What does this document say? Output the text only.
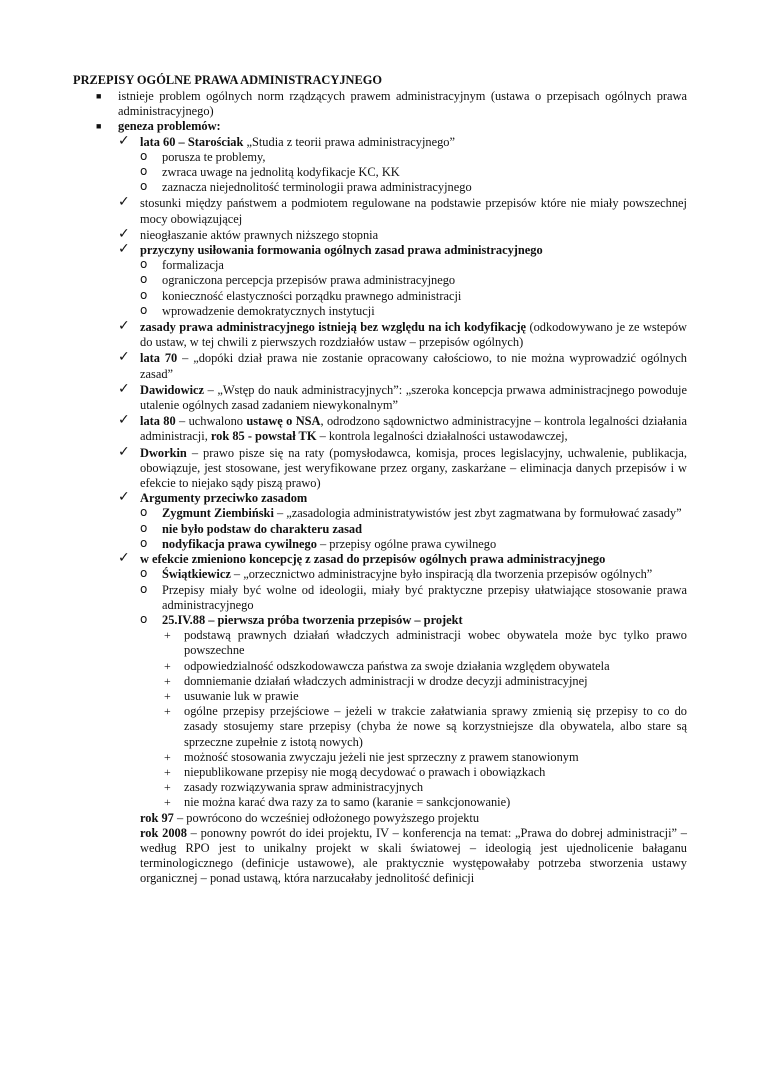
PRZEPISY OGÓLNE PRAWA ADMINISTRACYJNEGO
■ istnieje problem ogólnych norm rządzących prawem administracyjnym (ustawa o przepisach ogólnych prawa administracyjnego)
■ geneza problemów:
✓ lata 60 – Starościak „Studia z teorii prawa administracyjnego”
o porusza te problemy,
o zwraca uwage na jednolitą kodyfikacje KC, KK
o zaznacza niejednolitość terminologii prawa administracyjnego
✓ stosunki między państwem a podmiotem regulowane na podstawie przepisów które nie miały powszechnej mocy obowiązującej
✓ nieogłaszanie aktów prawnych niższego stopnia
✓ przyczyny usiłowania formowania ogólnych zasad prawa administracyjnego
o formalizacja
o ograniczona percepcja przepisów prawa administracyjnego
o konieczność elastyczności porządku prawnego administracji
o wprowadzenie demokratycznych instytucji
✓ zasady prawa administracyjnego istnieją bez względu na ich kodyfikację (odkodowywano je ze wstepów do ustaw, w tej chwili z pierwszych rozdziałów ustaw – przepisów ogólnych)
✓ lata 70 – „dopóki dział prawa nie zostanie opracowany całościowo, to nie można wyprowadzić ogólnych zasad”
✓ Dawidowicz – „Wstęp do nauk administracyjnych”: „szeroka koncepcja prwawa administracjnego powoduje utalenie ogólnych zasad zadaniem niewykonalnym”
✓ lata 80 – uchwalono ustawę o NSA, odrodzono sądownictwo administracyjne – kontrola legalności działania administracji, rok 85 - powstał TK – kontrola legalności działalności ustawodawczej,
✓ Dworkin – prawo pisze się na raty (pomysłodawca, komisja, proces legislacyjny, uchwalenie, publikacja, obowiązuje, jest stosowane, jest weryfikowane przez organy, zaskarżane – eliminacja danych przepisów i w efekcie to niejako sądy piszą prawo)
✓ Argumenty przeciwko zasadom
o Zygmunt Ziembiński – „zasadologia administratywistów jest zbyt zagmatwana by formułować zasady”
o nie było podstaw do charakteru zasad
o nodyfikacja prawa cywilnego – przepisy ogólne prawa cywilnego
✓ w efekcie zmieniono koncepcję z zasad do przepisów ogólnych prawa administracyjnego
o Świątkiewicz – „orzecznictwo administracyjne było inspiracją dla tworzenia przepisów ogólnych”
o Przepisy miały być wolne od ideologii, miały być praktyczne przepisy ułatwiające stosowanie prawa administracyjnego
o 25.IV.88 – pierwsza próba tworzenia przepisów – projekt
+ podstawą prawnych działań władczych administracji wobec obywatela może byc tylko prawo powszechne
+ odpowiedzialność odszkodowawcza państwa za swoje działania względem obywatela
+ domniemanie działań władczych administracji w drodze decyzji administracyjnej
+ usuwanie luk w prawie
+ ogólne przepisy przejściowe – jeżeli w trakcie załatwiania sprawy zmienią się przepisy to co do zasady stosujemy stare przepisy (chyba że nowe są korzystniejsze dla obywatela, albo stare są sprzeczne zupełnie z istotą nowych)
+ możność stosowania zwyczaju jeżeli nie jest sprzeczny z prawem stanowionym
+ niepublikowane przepisy nie mogą decydować o prawach i obowiązkach
+ zasady rozwiązywania spraw administracyjnych
+ nie można karać dwa razy za to samo (karanie = sankcjonowanie)
rok 97 – powrócono do wcześniej odłożonego powyższego projektu
rok 2008 – ponowny powrót do idei projektu, IV – konferencja na temat: „Prawa do dobrej administracji” – według RPO jest to unikalny projekt w skali światowej – ideologią jest ujednolicenie bałaganu terminologicznego (definicje ustawowe), ale praktycznie występowałaby potrzeba stworzenia ustawy organicznej – ponad ustawą, która narzucałaby jednolitość definicji
